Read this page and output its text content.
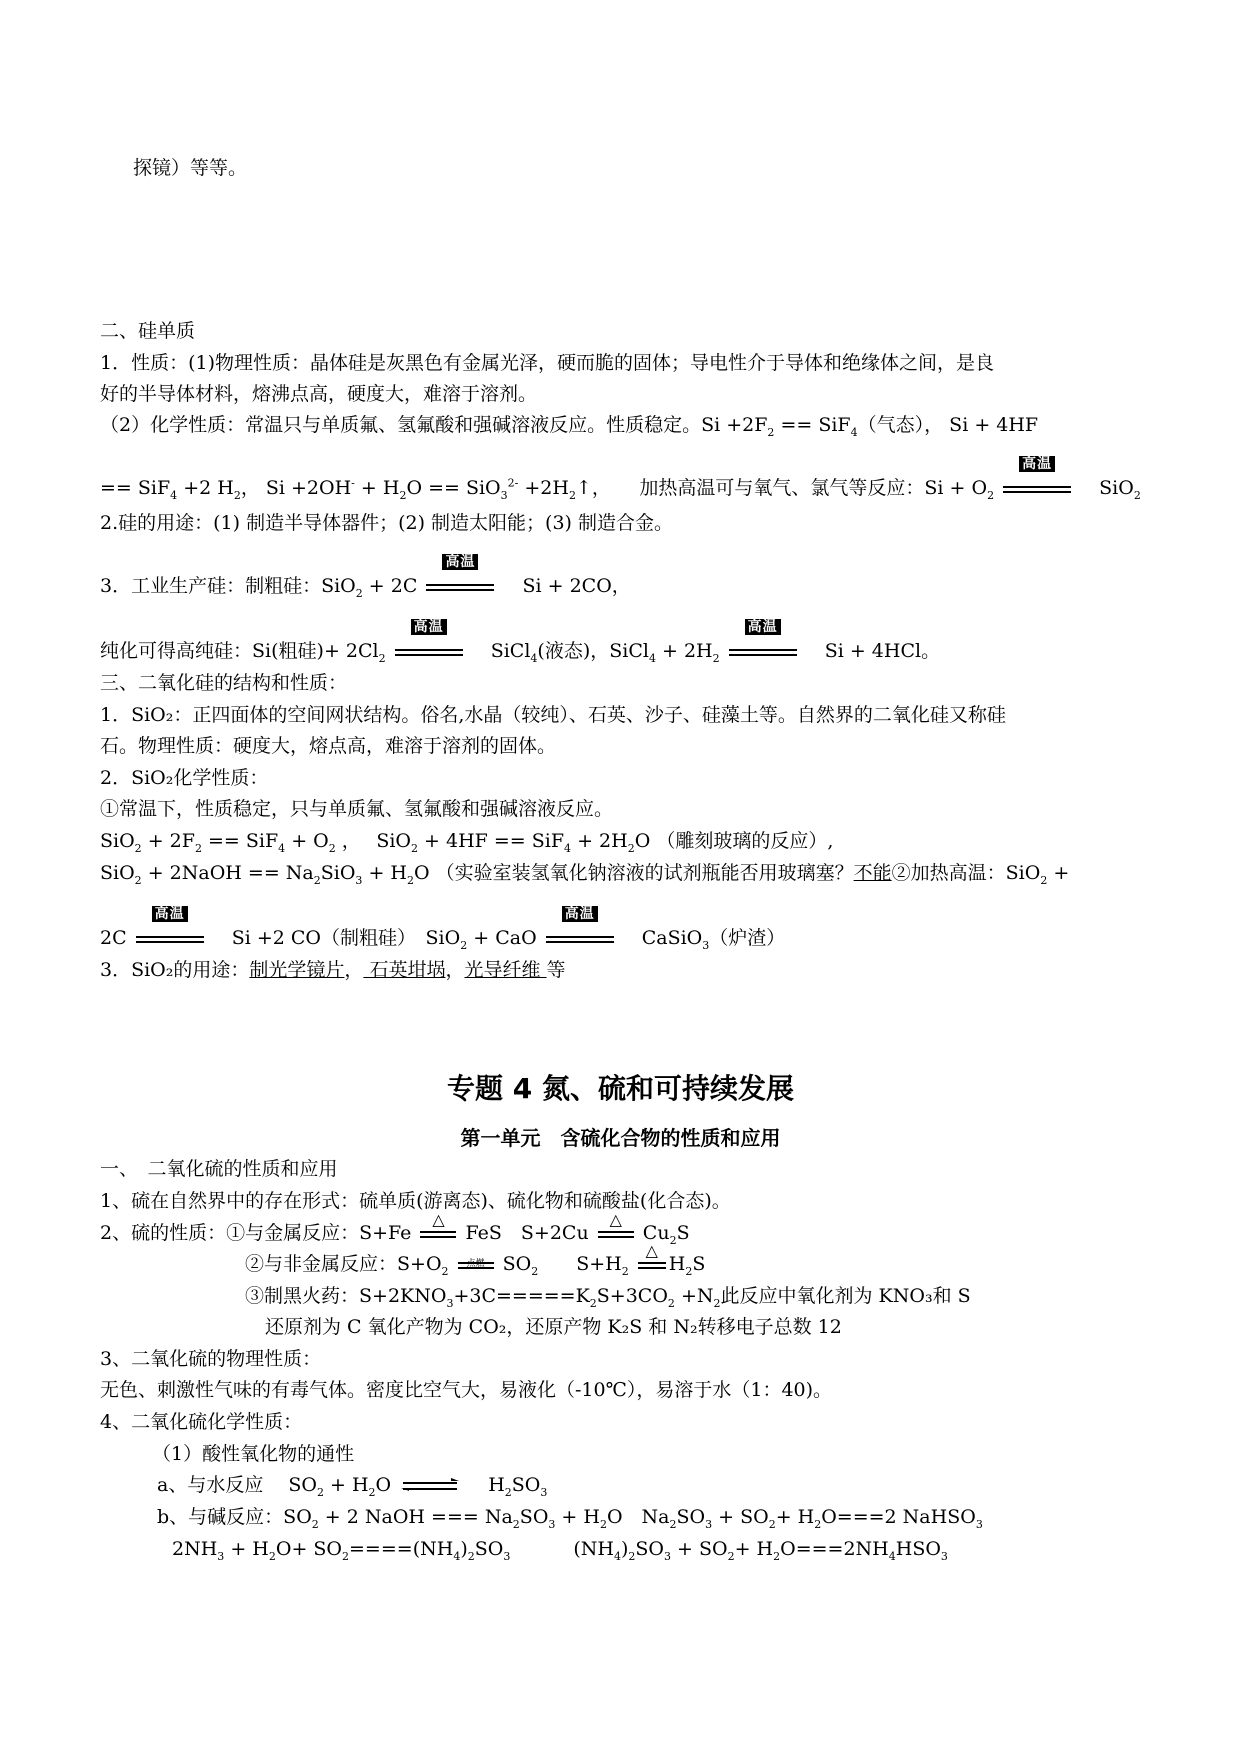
探镜）等等。
二、硅单质
1．性质：(1)物理性质：晶体硅是灰黑色有金属光泽，硬而脆的固体；导电性介于导体和绝缘体之间，是良
好的半导体材料，熔沸点高，硬度大，难溶于溶剂。
（2）化学性质：常温只与单质氟、氢氟酸和强碱溶液反应。性质稳定。$Si +2F_2 == SiF_4$（气态）， Si + 4HF
== SiF$_4$ +2 $H_2$， $Si +2OH^- + H_2O == SiO_3^{2-}$ $+2H_2↑$，　　加热高温可与氧气、氯气等反应：$Si + O_2$
高温
　SiO$_2$
2.硅的用途：(1) 制造半导体器件；(2) 制造太阳能；(3) 制造合金。
3．工业生产硅：制粗硅：SiO$_2$ + 2C
高温
　Si + 2CO，
纯化可得高纯硅：Si(粗硅)+ $2Cl_2$
高温
　SiCl$_4$(液态)，SiCl$_4$ + $2H_2$
高温
　Si + 4HCl。
三、二氧化硅的结构和性质：
1．SiO₂：正四面体的空间网状结构。俗名,水晶（较纯）、石英、沙子、硅藻土等。自然界的二氧化硅又称硅
石。物理性质：硬度大，熔点高，难溶于溶剂的固体。
2．SiO₂化学性质：
①常温下，性质稳定，只与单质氟、氢氟酸和强碱溶液反应。
$SiO_2 + 2F_2 == SiF_4 + O_2$ ，　 $SiO_2 + 4HF == SiF_4 + 2H_2O$ （雕刻玻璃的反应）,
SiO$_2$ + 2NaOH == $Na_2SiO_3 + H_2O$ （实验室装氢氧化钠溶液的试剂瓶能否用玻璃塞？不能②加热高温：SiO$_2$ +
2C
高温
　Si +2 CO（制粗硅）　SiO$_2$ + CaO
高温
　CaSiO$_3$（炉渣）
3．SiO₂的用途：制光学镜片， 石英坩埚，光导纤维 等
专题 4 氮、硫和可持续发展
第一单元　含硫化合物的性质和应用
一、　二氧化硫的性质和应用
1、硫在自然界中的存在形式：硫单质(游离态)、硫化物和硫酸盐(化合态)。
2、硫的性质：①与金属反应：S+Fe
△
FeS　S+2Cu
△
$Cu_2S$
②与非金属反应：$S+O_2$
点燃 $SO_2$　　$S+H_2$
△
$H_2S$
③制黑火药：$S+2KNO_3+3C=====K_2S+3CO_2 +N_2$此反应中氧化剂为 KNO₃和 S
还原剂为 C 氧化产物为 CO₂，还原产物 K₂S 和 N₂转移电子总数 12
3、二氧化硫的物理性质：
无色、刺激性气味的有毒气体。密度比空气大，易液化（-10℃），易溶于水（1：40)。
4、二氧化硫化学性质：
（1）酸性氧化物的通性
a、与水反应　 $SO_2 + H_2O$ ⇌ 　$H_2SO_3$
b、与碱反应：$SO_2 + 2$ NaOH === $Na_2SO_3 + H_2O$　$Na_2SO_3 + SO_2+ H_2O===2$ NaHSO$_3$
$2NH_3 + H_2O+ SO_2====(NH_4)_2SO_3$　　　 $(NH_4)_2SO_3 + SO_2+ H_2O===2NH_4HSO_3$
